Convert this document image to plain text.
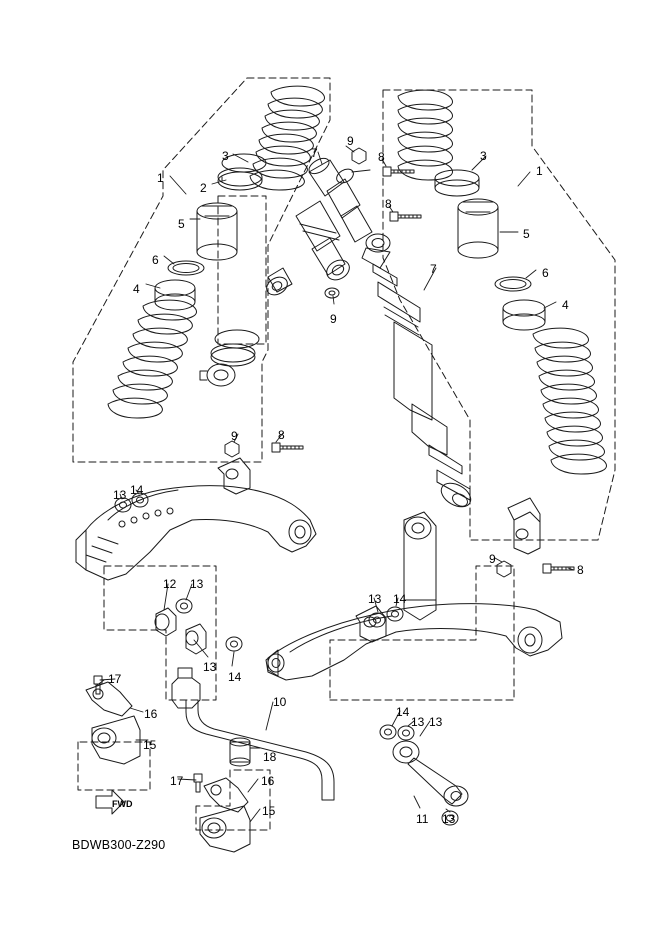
1
2
3
4
5
6
7	8
8
9
9
1
3
5
6
4
7
9	8
13 14
12 13
13
14
17
16
15
10
18
17	16
15
13 14
9
8
14
13 13
11 13
FWD
BDWB300-Z290
